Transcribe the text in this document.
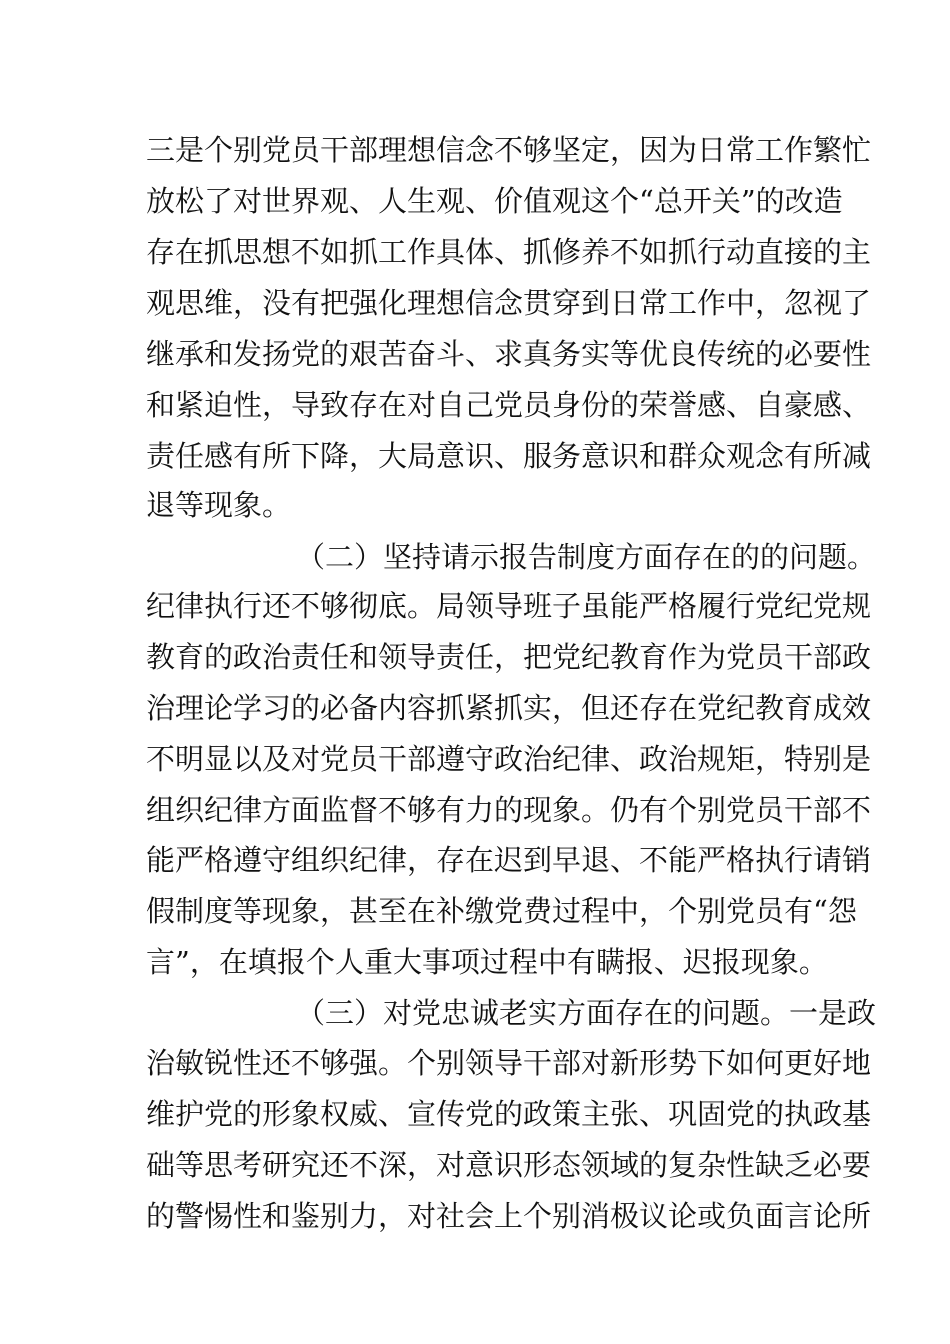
三是个别党员干部理想信念不够坚定，因为日常工作繁忙
放松了对世界观、人生观、价值观这个“总开关”的改造
存在抓思想不如抓工作具体、抓修养不如抓行动直接的主
观思维，没有把强化理想信念贯穿到日常工作中，忽视了
继承和发扬党的艰苦奋斗、求真务实等优良传统的必要性
和紧迫性，导致存在对自己党员身份的荣誉感、自豪感、
责任感有所下降，大局意识、服务意识和群众观念有所减
退等现象。
（二）坚持请示报告制度方面存在的的问题。
纪律执行还不够彻底。局领导班子虽能严格履行党纪党规
教育的政治责任和领导责任，把党纪教育作为党员干部政
治理论学习的必备内容抓紧抓实，但还存在党纪教育成效
不明显以及对党员干部遵守政治纪律、政治规矩，特别是
组织纪律方面监督不够有力的现象。仍有个别党员干部不
能严格遵守组织纪律，存在迟到早退、不能严格执行请销
假制度等现象，甚至在补缴党费过程中，个别党员有“怨
言”，在填报个人重大事项过程中有瞒报、迟报现象。
（三）对党忠诚老实方面存在的问题。一是政
治敏锐性还不够强。个别领导干部对新形势下如何更好地
维护党的形象权威、宣传党的政策主张、巩固党的执政基
础等思考研究还不深，对意识形态领域的复杂性缺乏必要
的警惕性和鉴别力，对社会上个别消极议论或负面言论所
